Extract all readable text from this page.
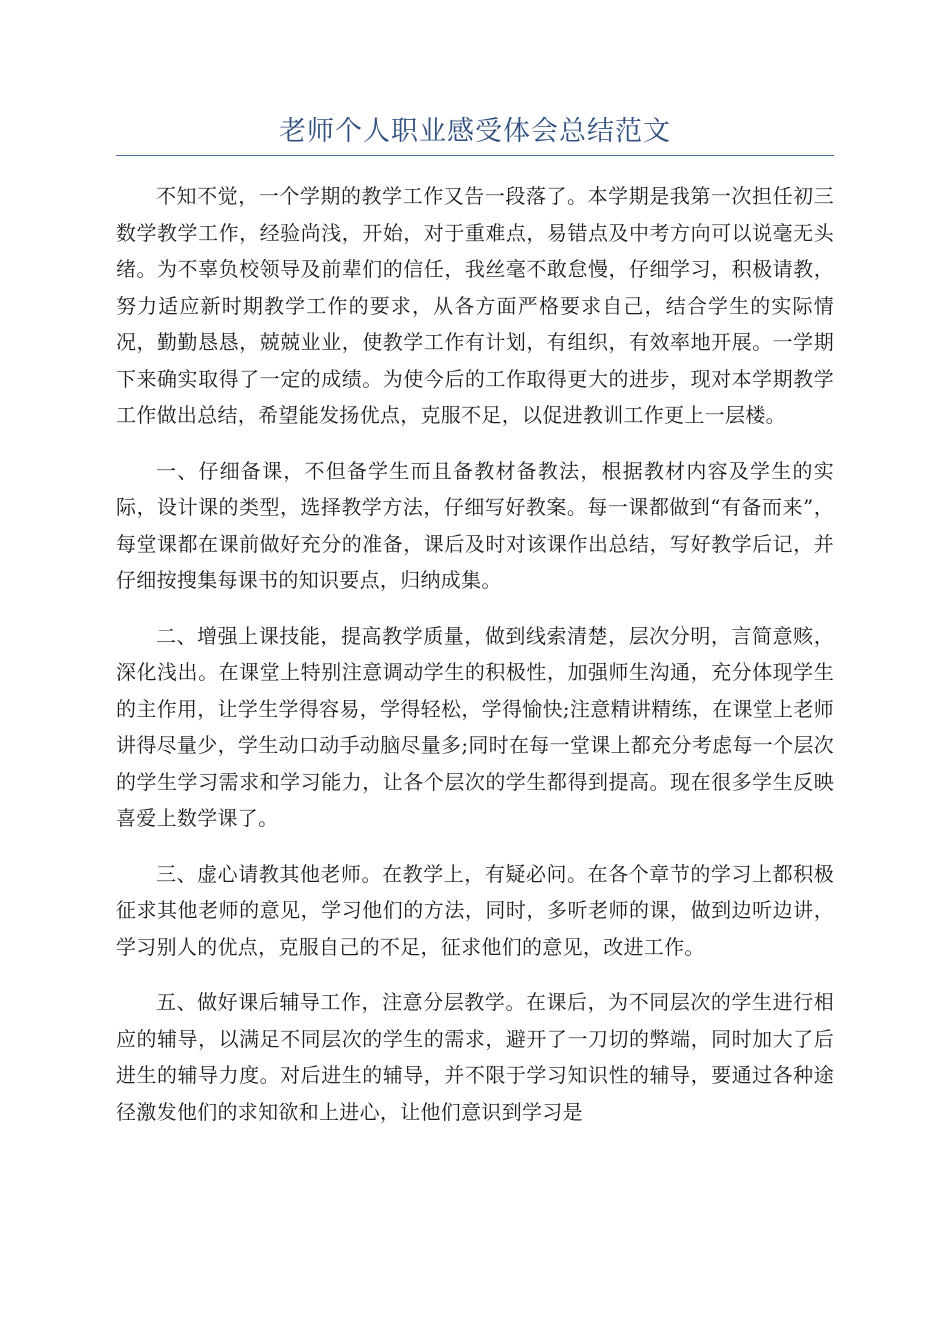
老师个人职业感受体会总结范文

不知不觉，一个学期的教学工作又告一段落了。本学期是我第一次担任初三数学教学工作，经验尚浅，开始，对于重难点，易错点及中考方向可以说毫无头绪。为不辜负校领导及前辈们的信任，我丝毫不敢怠慢，仔细学习，积极请教，努力适应新时期教学工作的要求，从各方面严格要求自己，结合学生的实际情况，勤勤恳恳，兢兢业业，使教学工作有计划，有组织，有效率地开展。一学期下来确实取得了一定的成绩。为使今后的工作取得更大的进步，现对本学期教学工作做出总结，希望能发扬优点，克服不足，以促进教训工作更上一层楼。

一、仔细备课，不但备学生而且备教材备教法，根据教材内容及学生的实际，设计课的类型，选择教学方法，仔细写好教案。每一课都做到“有备而来”，每堂课都在课前做好充分的准备，课后及时对该课作出总结，写好教学后记，并仔细按搜集每课书的知识要点，归纳成集。

二、增强上课技能，提高教学质量，做到线索清楚，层次分明，言简意赅，深化浅出。在课堂上特别注意调动学生的积极性，加强师生沟通，充分体现学生的主作用，让学生学得容易，学得轻松，学得愉快;注意精讲精练，在课堂上老师讲得尽量少，学生动口动手动脑尽量多;同时在每一堂课上都充分考虑每一个层次的学生学习需求和学习能力，让各个层次的学生都得到提高。现在很多学生反映喜爱上数学课了。

三、虚心请教其他老师。在教学上，有疑必问。在各个章节的学习上都积极征求其他老师的意见，学习他们的方法，同时，多听老师的课，做到边听边讲，学习别人的优点，克服自己的不足，征求他们的意见，改进工作。

五、做好课后辅导工作，注意分层教学。在课后，为不同层次的学生进行相应的辅导，以满足不同层次的学生的需求，避开了一刀切的弊端，同时加大了后进生的辅导力度。对后进生的辅导，并不限于学习知识性的辅导，要通过各种途径激发他们的求知欲和上进心，让他们意识到学习是
